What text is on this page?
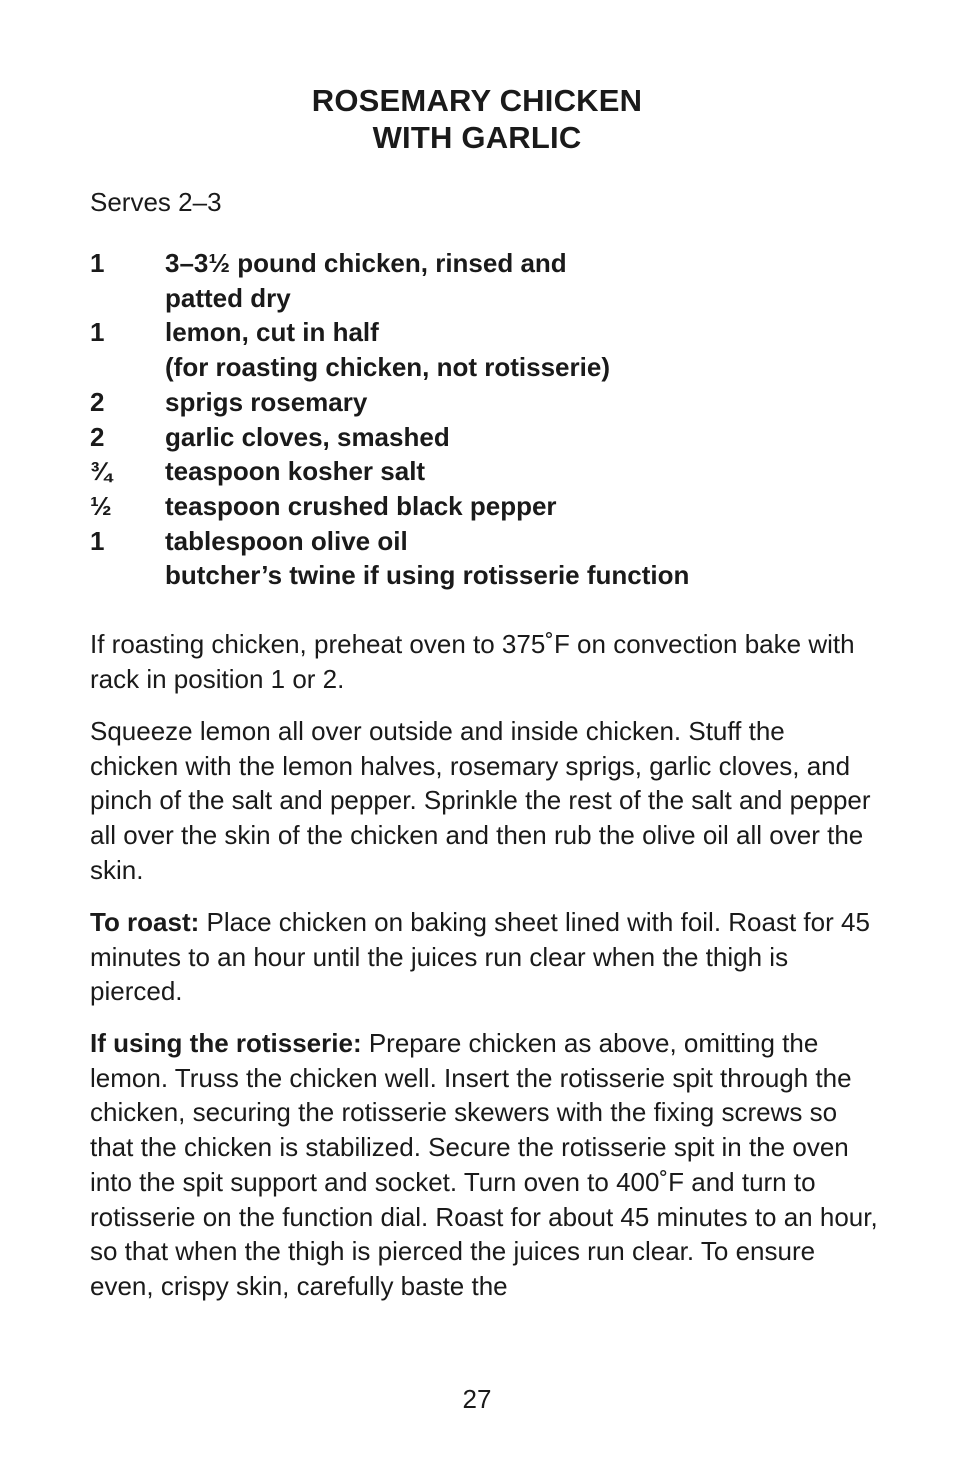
ROSEMARY CHICKEN
WITH GARLIC
Serves 2–3
1	3–3½ pound chicken, rinsed and
patted dry
1	lemon, cut in half
(for roasting chicken, not rotisserie)
2	sprigs rosemary
2	garlic cloves, smashed
¾	teaspoon kosher salt
½	teaspoon crushed black pepper
1	tablespoon olive oil
butcher’s twine if using rotisserie function

If roasting chicken, preheat oven to 375˚F on convection bake with rack in position 1 or 2.

Squeeze lemon all over outside and inside chicken. Stuff the chicken with the lemon halves, rosemary sprigs, garlic cloves, and pinch of the salt and pepper. Sprinkle the rest of the salt and pepper all over the skin of the chicken and then rub the olive oil all over the skin.

To roast: Place chicken on baking sheet lined with foil. Roast for 45 minutes to an hour until the juices run clear when the thigh is pierced.

If using the rotisserie: Prepare chicken as above, omitting the lemon. Truss the chicken well. Insert the rotisserie spit through the chicken, securing the rotisserie skewers with the fixing screws so that the chicken is stabilized. Secure the rotisserie spit in the oven into the spit support and socket. Turn oven to 400˚F and turn to rotisserie on the function dial. Roast for about 45 minutes to an hour, so that when the thigh is pierced the juices run clear. To ensure even, crispy skin, carefully baste the

27
